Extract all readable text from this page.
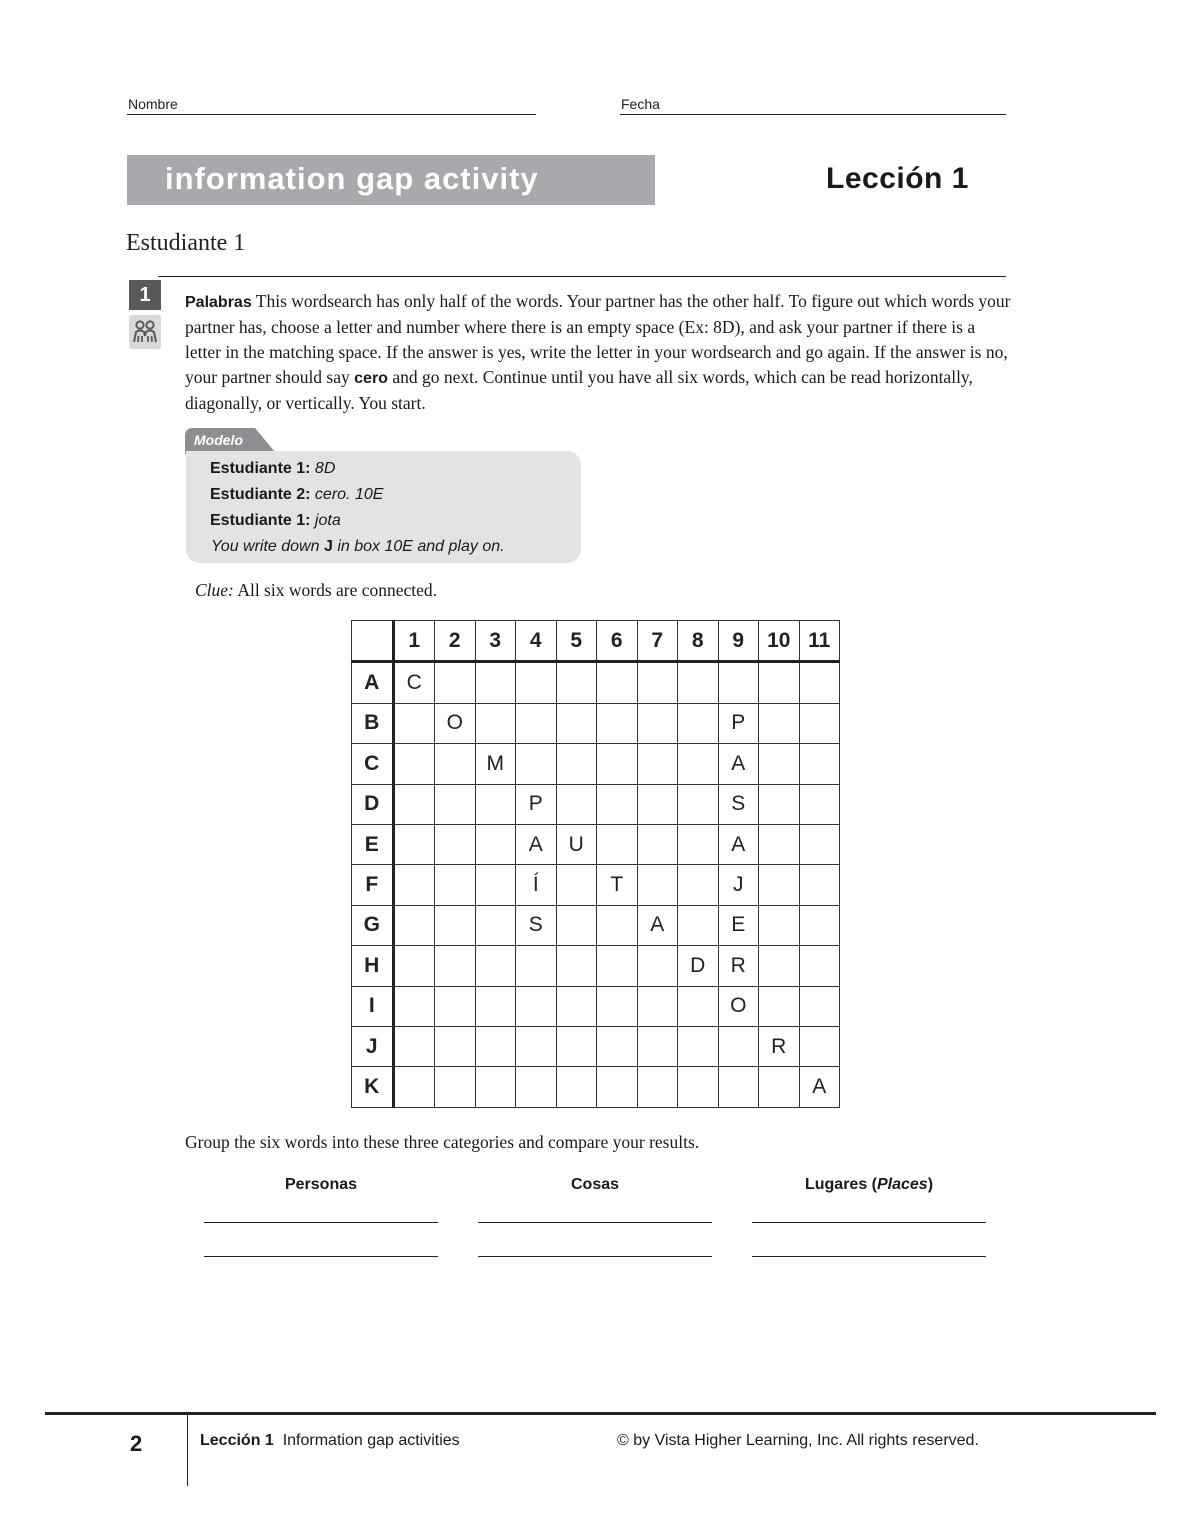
Nombre	Fecha
information gap activity	Lección 1
Estudiante 1
1	Palabras This wordsearch has only half of the words. Your partner has the other half. To figure out which words your partner has, choose a letter and number where there is an empty space (Ex: 8D), and ask your partner if there is a letter in the matching space. If the answer is yes, write the letter in your wordsearch and go again. If the answer is no, your partner should say cero and go next. Continue until you have all six words, which can be read horizontally, diagonally, or vertically. You start.
Modelo
Estudiante 1: 8D
Estudiante 2: cero. 10E
Estudiante 1: jota
You write down J in box 10E and play on.
Clue: All six words are connected.
	1	2	3	4	5	6	7	8	9	10	11
A	C										
B		O							P		
C			M						A		
D				P					S		
E				A	U				A		
F				Í		T			J		
G				S			A		E		
H								D	R		
I									O		
J										R	
K											A
Group the six words into these three categories and compare your results.
Personas	Cosas	Lugares (Places)
2	Lección 1 Information gap activities	© by Vista Higher Learning, Inc. All rights reserved.
